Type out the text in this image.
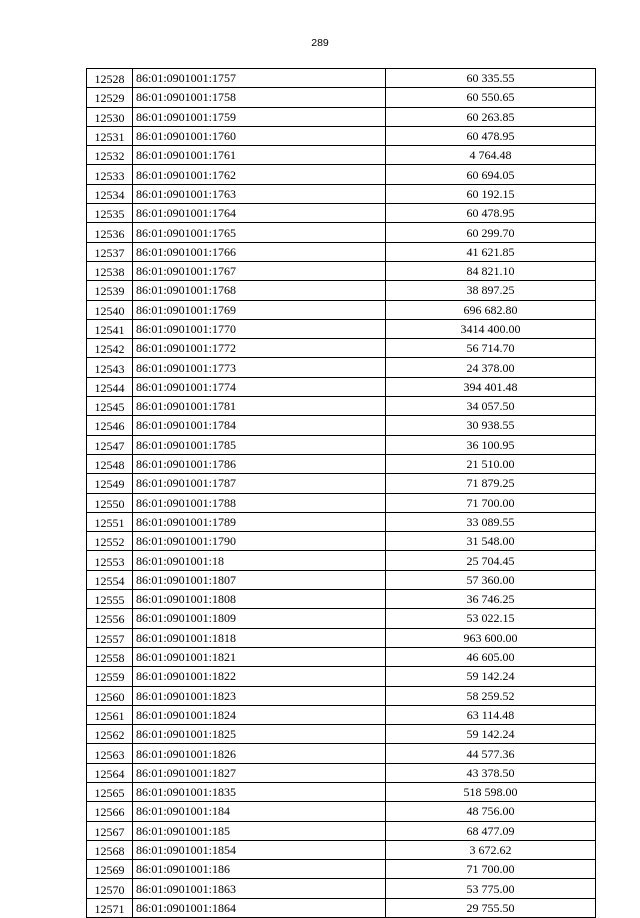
289
12528	86:01:0901001:1757	60 335.55
12529	86:01:0901001:1758	60 550.65
12530	86:01:0901001:1759	60 263.85
12531	86:01:0901001:1760	60 478.95
12532	86:01:0901001:1761	4 764.48
12533	86:01:0901001:1762	60 694.05
12534	86:01:0901001:1763	60 192.15
12535	86:01:0901001:1764	60 478.95
12536	86:01:0901001:1765	60 299.70
12537	86:01:0901001:1766	41 621.85
12538	86:01:0901001:1767	84 821.10
12539	86:01:0901001:1768	38 897.25
12540	86:01:0901001:1769	696 682.80
12541	86:01:0901001:1770	3414 400.00
12542	86:01:0901001:1772	56 714.70
12543	86:01:0901001:1773	24 378.00
12544	86:01:0901001:1774	394 401.48
12545	86:01:0901001:1781	34 057.50
12546	86:01:0901001:1784	30 938.55
12547	86:01:0901001:1785	36 100.95
12548	86:01:0901001:1786	21 510.00
12549	86:01:0901001:1787	71 879.25
12550	86:01:0901001:1788	71 700.00
12551	86:01:0901001:1789	33 089.55
12552	86:01:0901001:1790	31 548.00
12553	86:01:0901001:18	25 704.45
12554	86:01:0901001:1807	57 360.00
12555	86:01:0901001:1808	36 746.25
12556	86:01:0901001:1809	53 022.15
12557	86:01:0901001:1818	963 600.00
12558	86:01:0901001:1821	46 605.00
12559	86:01:0901001:1822	59 142.24
12560	86:01:0901001:1823	58 259.52
12561	86:01:0901001:1824	63 114.48
12562	86:01:0901001:1825	59 142.24
12563	86:01:0901001:1826	44 577.36
12564	86:01:0901001:1827	43 378.50
12565	86:01:0901001:1835	518 598.00
12566	86:01:0901001:184	48 756.00
12567	86:01:0901001:185	68 477.09
12568	86:01:0901001:1854	3 672.62
12569	86:01:0901001:186	71 700.00
12570	86:01:0901001:1863	53 775.00
12571	86:01:0901001:1864	29 755.50
